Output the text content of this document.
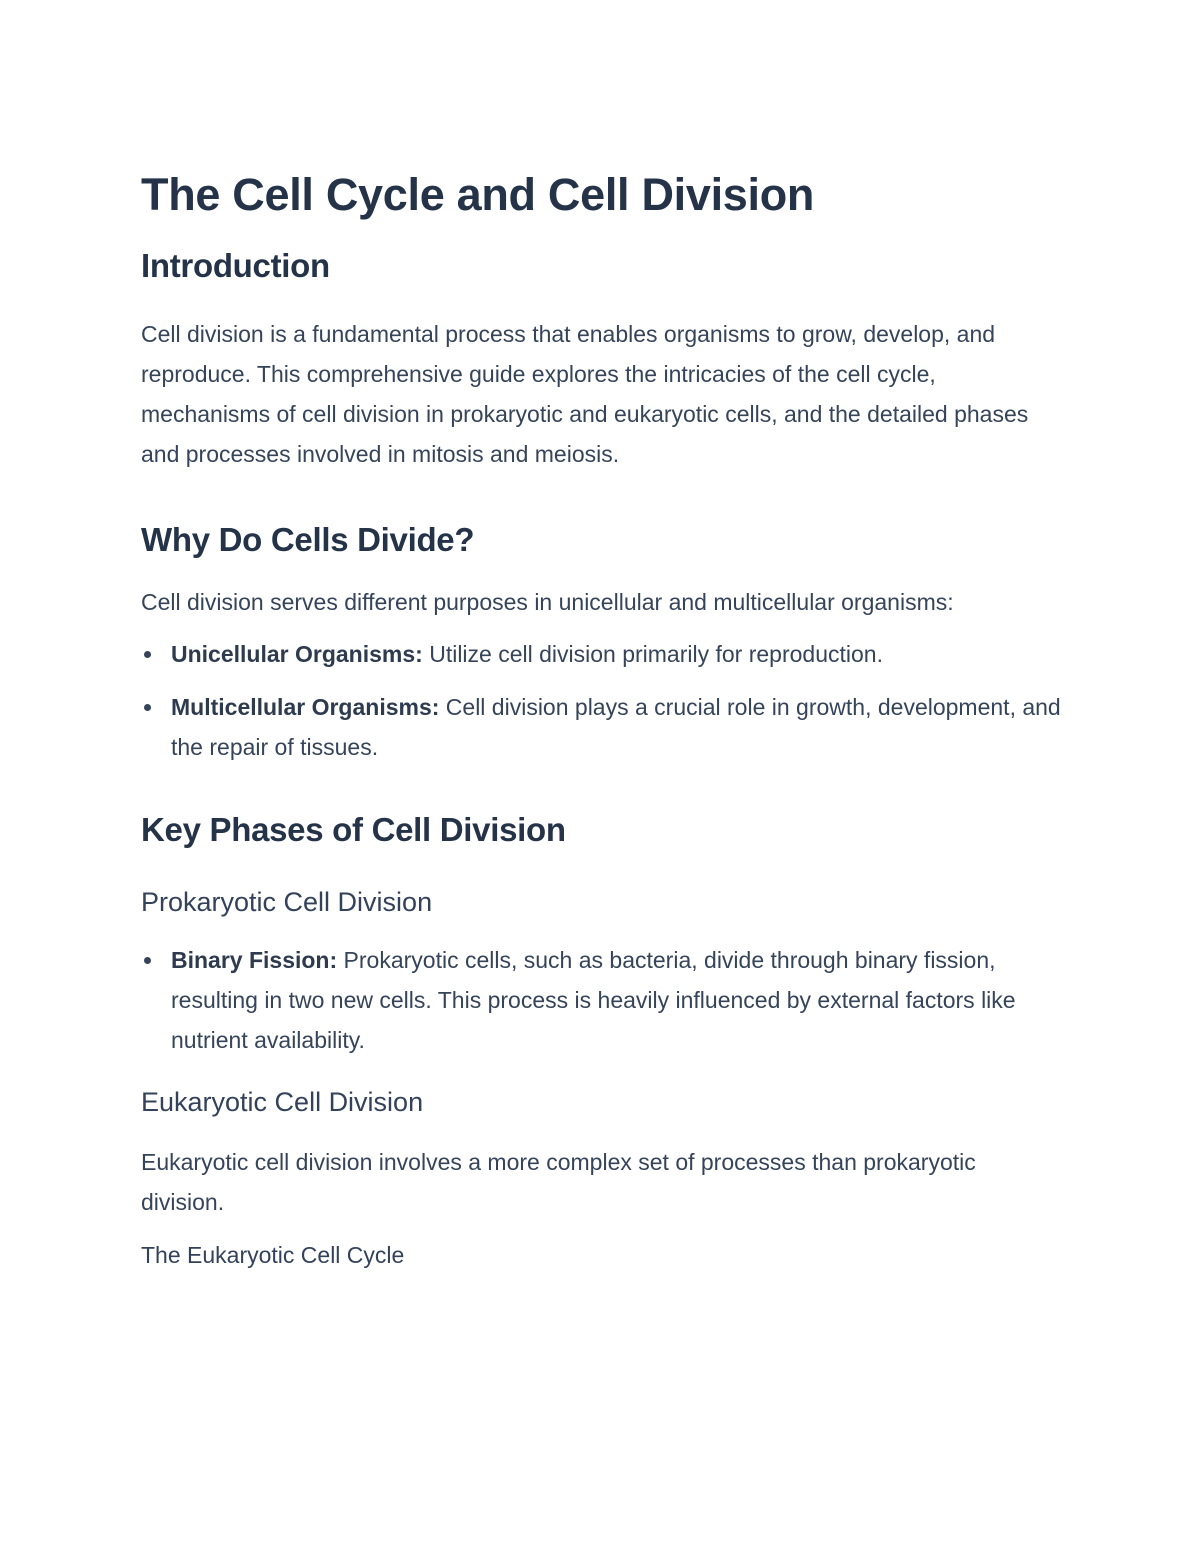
The Cell Cycle and Cell Division
Introduction

Cell division is a fundamental process that enables organisms to grow, develop, and reproduce. This comprehensive guide explores the intricacies of the cell cycle, mechanisms of cell division in prokaryotic and eukaryotic cells, and the detailed phases and processes involved in mitosis and meiosis.

Why Do Cells Divide?

Cell division serves different purposes in unicellular and multicellular organisms:

Unicellular Organisms: Utilize cell division primarily for reproduction.
Multicellular Organisms: Cell division plays a crucial role in growth, development, and the repair of tissues.
Key Phases of Cell Division
Prokaryotic Cell Division
Binary Fission: Prokaryotic cells, such as bacteria, divide through binary fission, resulting in two new cells. This process is heavily influenced by external factors like nutrient availability.
Eukaryotic Cell Division

Eukaryotic cell division involves a more complex set of processes than prokaryotic division.

The Eukaryotic Cell Cycle
